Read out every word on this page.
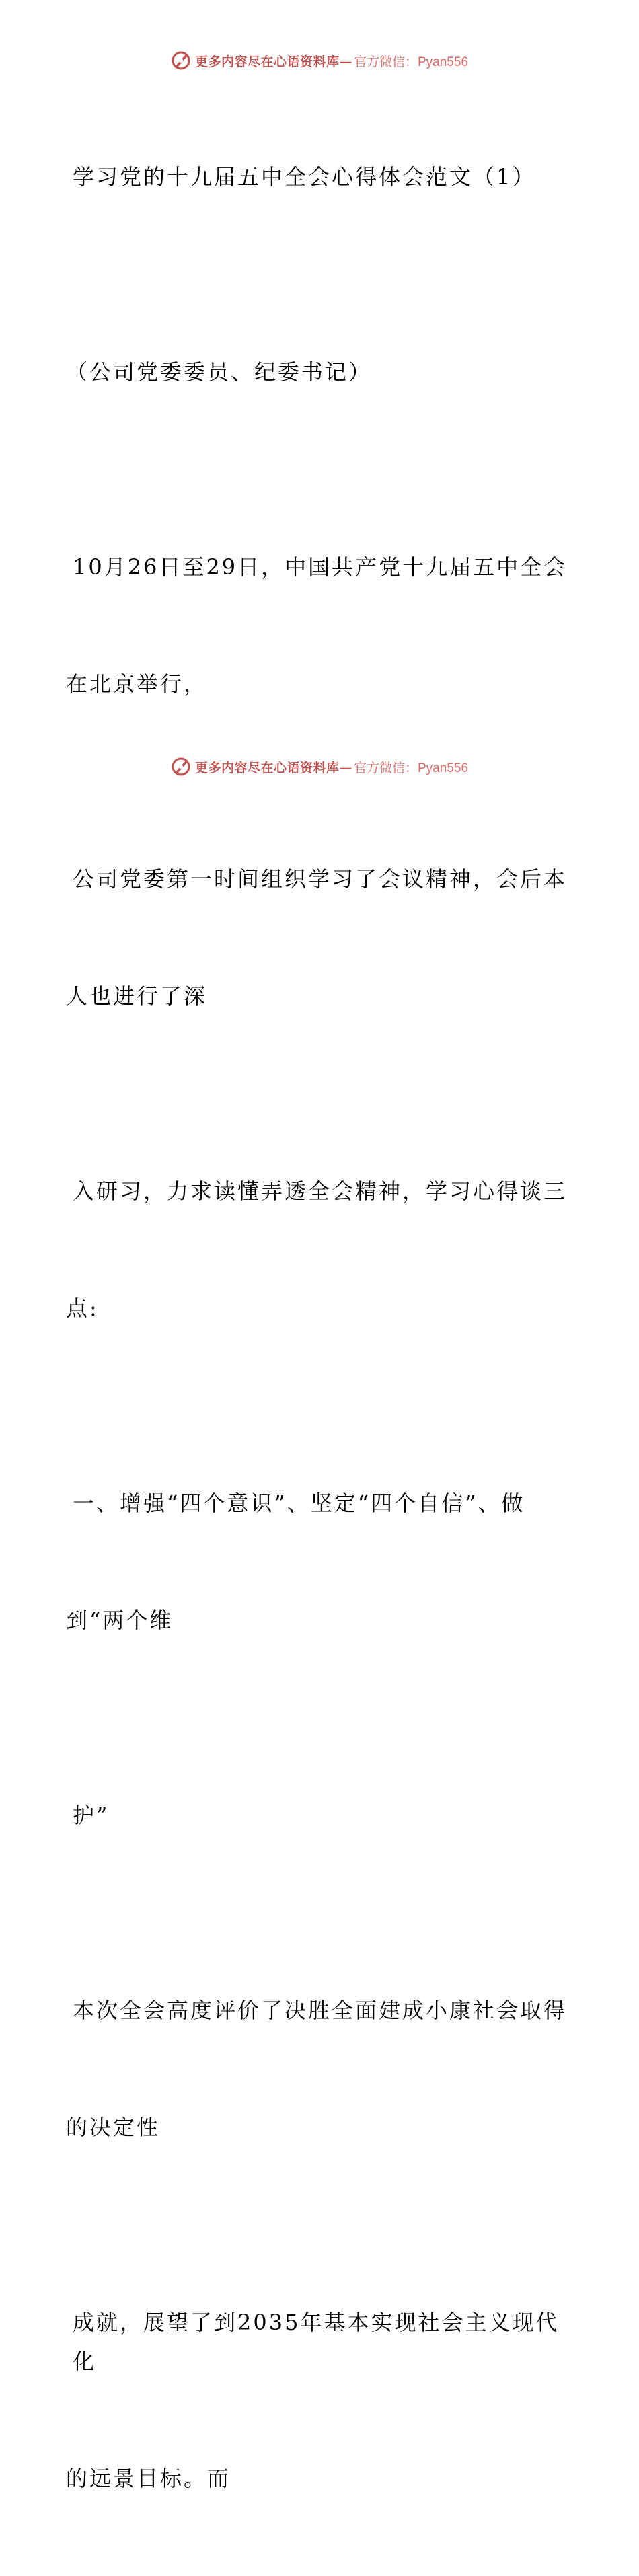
更多内容尽在心语资料库— 官方微信：Pyan556

学习党的十九届五中全会心得体会范文（1）

（公司党委委员、纪委书记）

10月26日至29日，中国共产党十九届五中全会

在北京举行，

公司党委第一时间组织学习了会议精神，会后本

人也进行了深

入研习，力求读懂弄透全会精神，学习心得谈三

点:

一、增强“四个意识”、坚定“四个自信”、做

到“两个维

护”

本次全会高度评价了决胜全面建成小康社会取得

的决定性

成就，展望了到2035年基本实现社会主义现代化

的远景目标。而

更多内容尽在心语资料库— 官方微信：Pyan556
